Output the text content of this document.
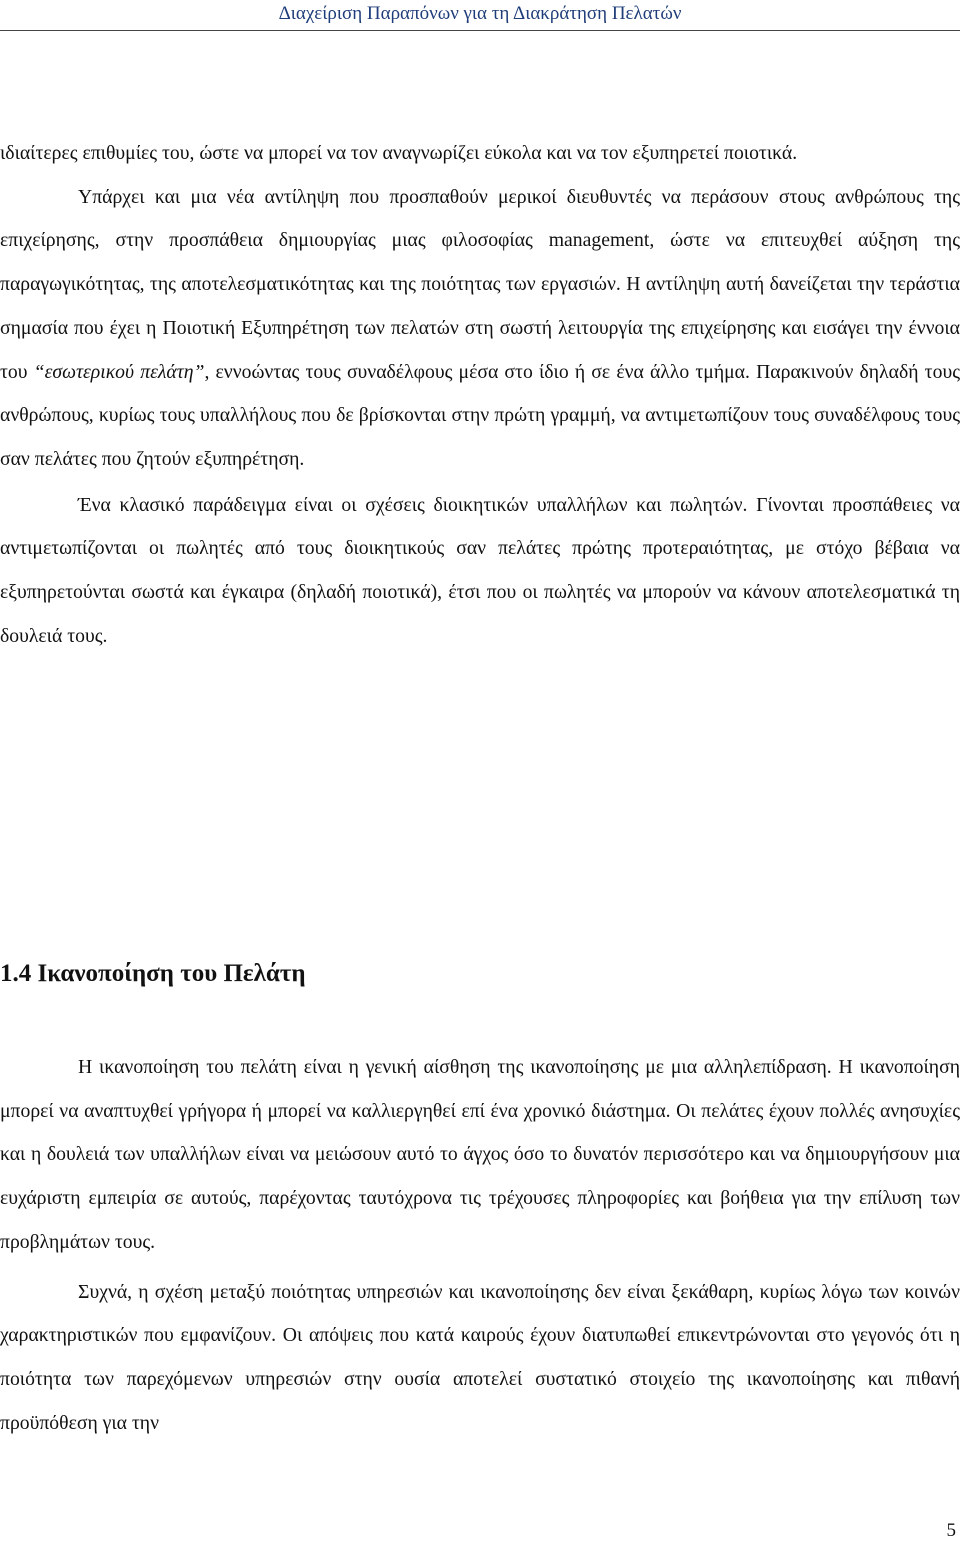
Διαχείριση Παραπόνων για τη Διακράτηση Πελατών

ιδιαίτερες επιθυμίες του, ώστε να μπορεί να τον αναγνωρίζει εύκολα και να τον εξυπηρετεί ποιοτικά.

Υπάρχει και μια νέα αντίληψη που προσπαθούν μερικοί διευθυντές να περάσουν στους ανθρώπους της επιχείρησης, στην προσπάθεια δημιουργίας μιας φιλοσοφίας management, ώστε να επιτευχθεί αύξηση της παραγωγικότητας, της αποτελεσματικότητας και της ποιότητας των εργασιών. Η αντίληψη αυτή δανείζεται την τεράστια σημασία που έχει η Ποιοτική Εξυπηρέτηση των πελατών στη σωστή λειτουργία της επιχείρησης και εισάγει την έννοια του “εσωτερικού πελάτη”, εννοώντας τους συναδέλφους μέσα στο ίδιο ή σε ένα άλλο τμήμα. Παρακινούν δηλαδή τους ανθρώπους, κυρίως τους υπαλλήλους που δε βρίσκονται στην πρώτη γραμμή, να αντιμετωπίζουν τους συναδέλφους τους σαν πελάτες που ζητούν εξυπηρέτηση.

Ένα κλασικό παράδειγμα είναι οι σχέσεις διοικητικών υπαλλήλων και πωλητών. Γίνονται προσπάθειες να αντιμετωπίζονται οι πωλητές από τους διοικητικούς σαν πελάτες πρώτης προτεραιότητας, με στόχο βέβαια να εξυπηρετούνται σωστά και έγκαιρα (δηλαδή ποιοτικά), έτσι που οι πωλητές να μπορούν να κάνουν αποτελεσματικά τη δουλειά τους.

1.4 Ικανοποίηση του Πελάτη

Η ικανοποίηση του πελάτη είναι η γενική αίσθηση της ικανοποίησης με μια αλληλεπίδραση. Η ικανοποίηση μπορεί να αναπτυχθεί γρήγορα ή μπορεί να καλλιεργηθεί επί ένα χρονικό διάστημα. Οι πελάτες έχουν πολλές ανησυχίες και η δουλειά των υπαλλήλων είναι να μειώσουν αυτό το άγχος όσο το δυνατόν περισσότερο και να δημιουργήσουν μια ευχάριστη εμπειρία σε αυτούς, παρέχοντας ταυτόχρονα τις τρέχουσες πληροφορίες και βοήθεια για την επίλυση των προβλημάτων τους.

Συχνά, η σχέση μεταξύ ποιότητας υπηρεσιών και ικανοποίησης δεν είναι ξεκάθαρη, κυρίως λόγω των κοινών χαρακτηριστικών που εμφανίζουν. Οι απόψεις που κατά καιρούς έχουν διατυπωθεί επικεντρώνονται στο γεγονός ότι η ποιότητα των παρεχόμενων υπηρεσιών στην ουσία αποτελεί συστατικό στοιχείο της ικανοποίησης και πιθανή προϋπόθεση για την

5
